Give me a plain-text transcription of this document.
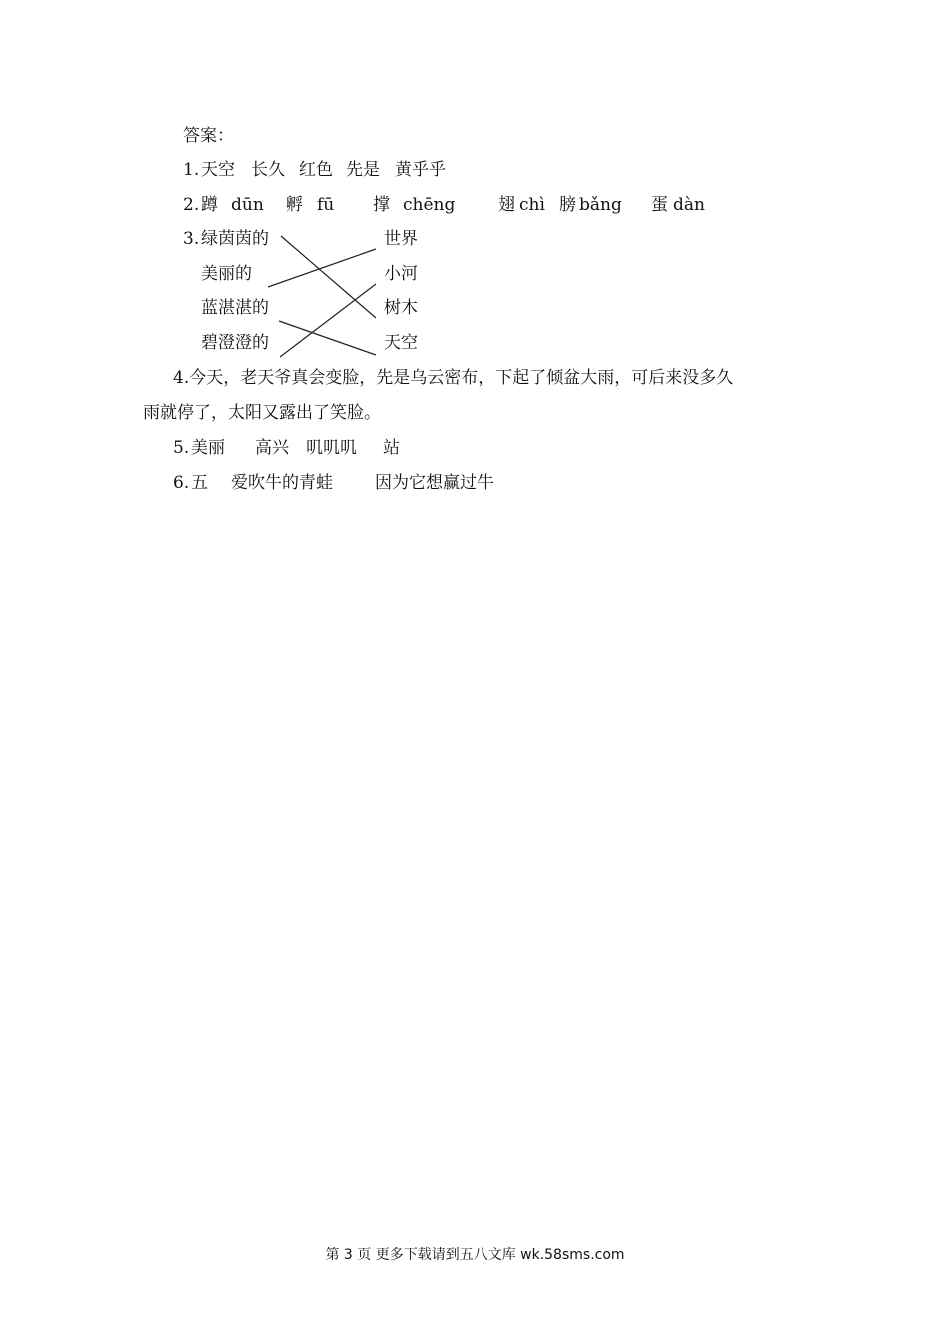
答案：
1. 天空 长久 红色 先是 黄乎乎
2. 蹲 dūn 孵 fū 撑 chēng	翅 chì 膀 bǎng 蛋 dàn
3. 绿茵茵的
美丽的
蓝湛湛的
碧澄澄的
世界
小河
树木
天空
4.今天，老天爷真会变脸，先是乌云密布，下起了倾盆大雨，可后来没多久
雨就停了，太阳又露出了笑脸。
5. 美丽 高兴 叽叽叽 站
6. 五 爱吹牛的青蛙 因为它想赢过牛
第 3 页 更多下载请到五八文库 wk.58sms.com
